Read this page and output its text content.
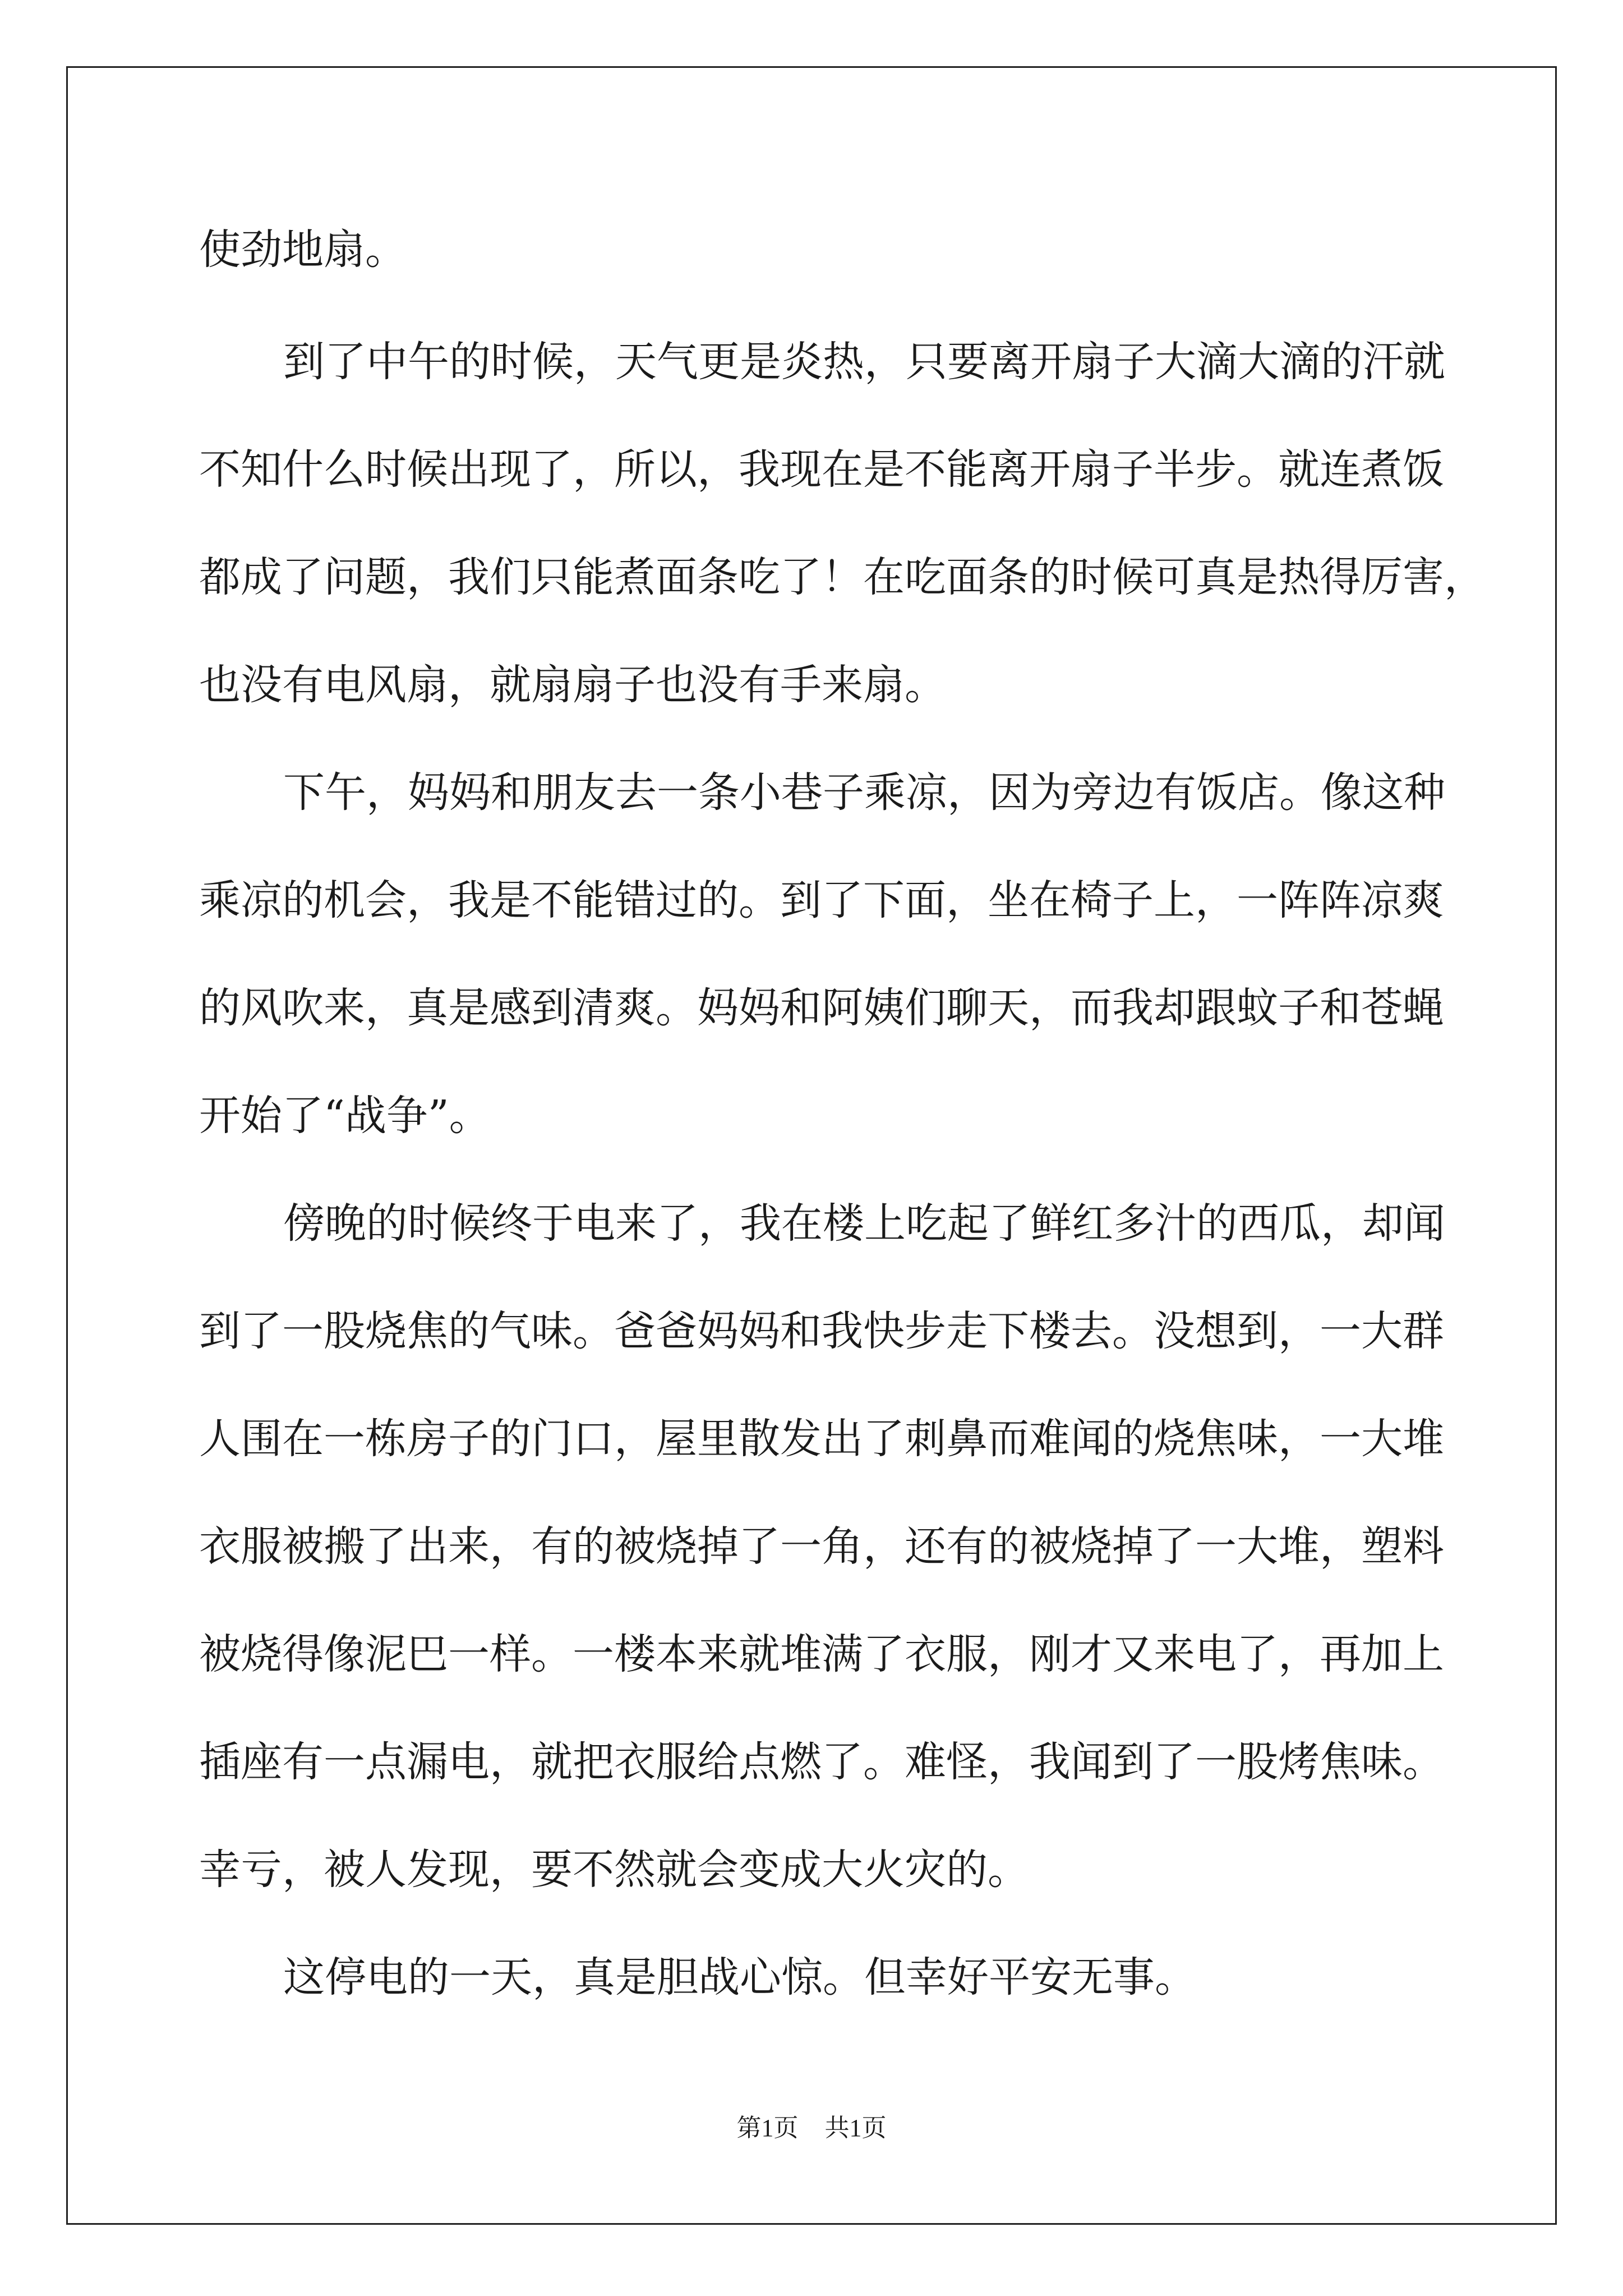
使劲地扇。

到了中午的时候，天气更是炎热，只要离开扇子大滴大滴的汗就

不知什么时候出现了，所以，我现在是不能离开扇子半步。就连煮饭

都成了问题，我们只能煮面条吃了！在吃面条的时候可真是热得厉害，

也没有电风扇，就扇扇子也没有手来扇。

下午，妈妈和朋友去一条小巷子乘凉，因为旁边有饭店。像这种

乘凉的机会，我是不能错过的。到了下面，坐在椅子上，一阵阵凉爽

的风吹来，真是感到清爽。妈妈和阿姨们聊天，而我却跟蚊子和苍蝇

开始了“战争”。

傍晚的时候终于电来了，我在楼上吃起了鲜红多汁的西瓜，却闻

到了一股烧焦的气味。爸爸妈妈和我快步走下楼去。没想到，一大群

人围在一栋房子的门口，屋里散发出了刺鼻而难闻的烧焦味，一大堆

衣服被搬了出来，有的被烧掉了一角，还有的被烧掉了一大堆，塑料

被烧得像泥巴一样。一楼本来就堆满了衣服，刚才又来电了，再加上

插座有一点漏电，就把衣服给点燃了。难怪，我闻到了一股烤焦味。

幸亏，被人发现，要不然就会变成大火灾的。

这停电的一天，真是胆战心惊。但幸好平安无事。

第1页 共1页
